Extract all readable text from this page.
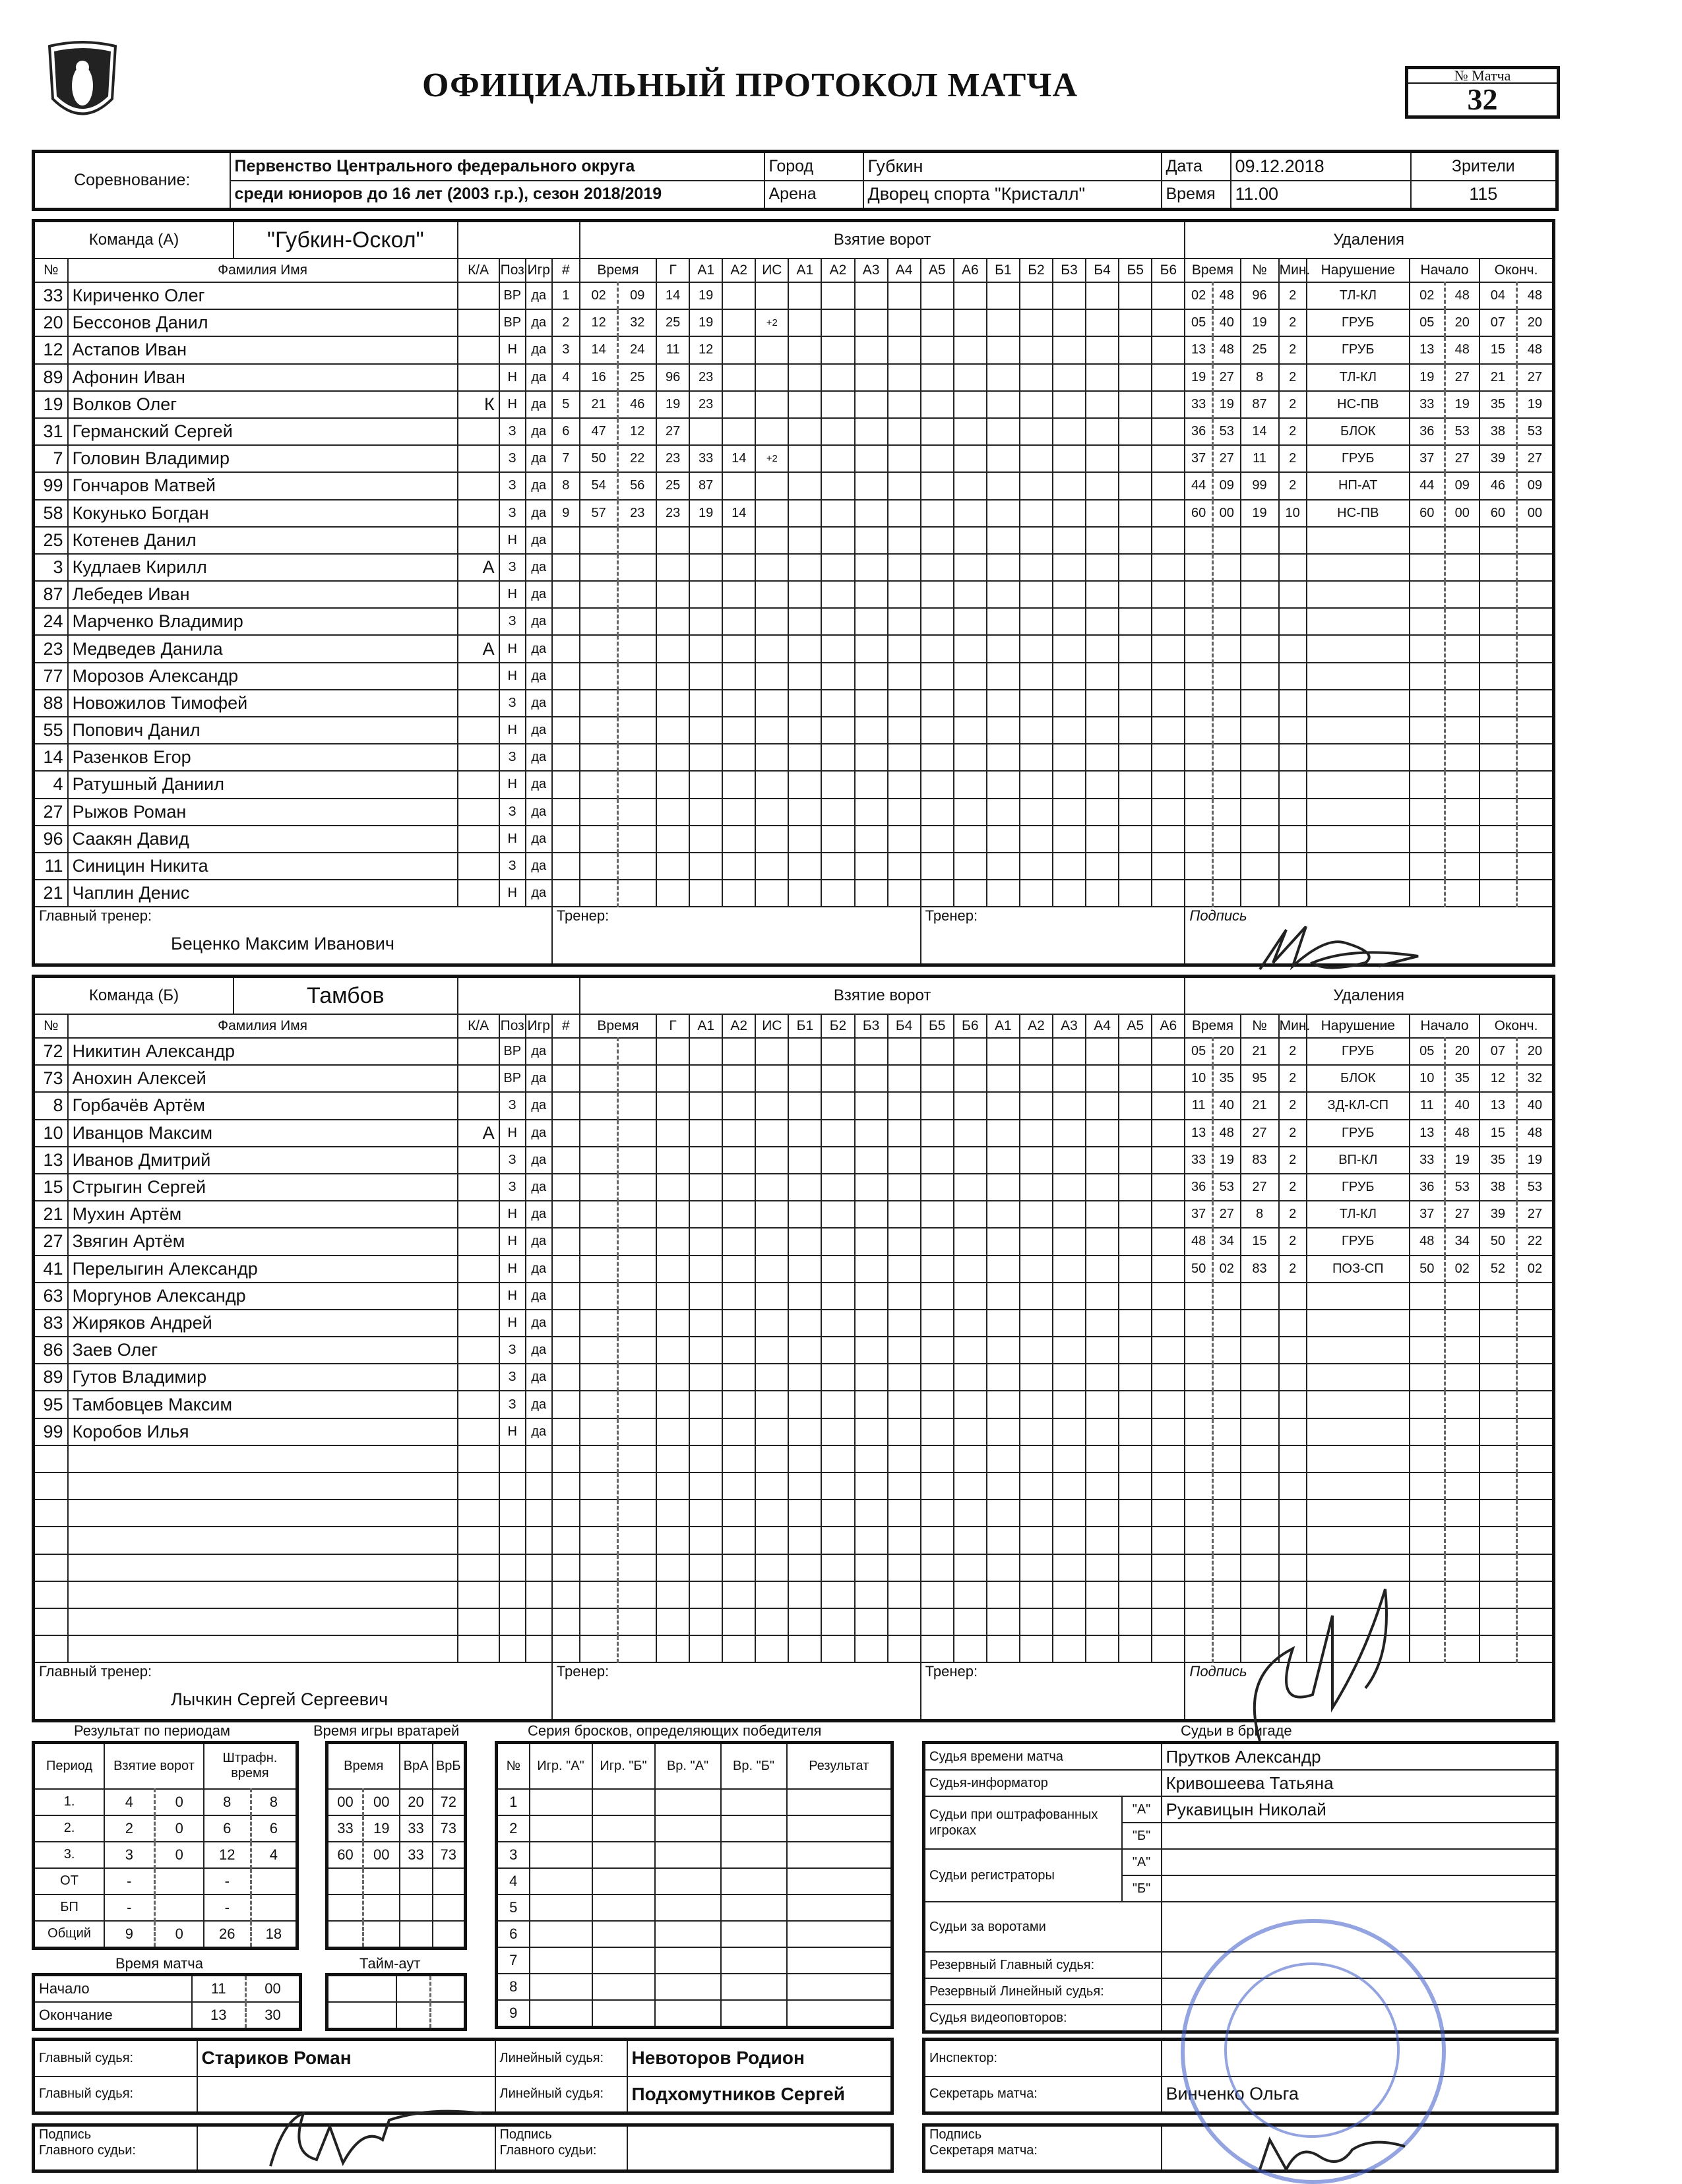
ОФИЦИАЛЬНЫЙ ПРОТОКОЛ МАТЧА	№ Матча
32
Соревнование:	Первенство Центрального федерального округа	Город	Губкин	Дата	09.12.2018	Зрители
	среди юниоров до 16 лет (2003 г.р.), сезон 2018/2019	Арена	Дворец спорта "Кристалл"	Время	11.00	115
Команда (А) "Губкин-Оскол"						Взятие ворот																		Удаления								
№	Фамилия Имя	К/А	Поз	Игр	#	Время		Г	А1	А2	ИС	А1	А2	А3	А4	А5	А6	Б1	Б2	Б3	Б4	Б5	Б6	Время		№	Мин.	Нарушение	Начало		Оконч.	
33	Кириченко Олег		ВР	да	1	02	09	14	19															02	48	96	2	ТЛ-КЛ	02	48	04	48
20	Бессонов Данил		ВР	да	2	12	32	25	19		+2													05	40	19	2	ГРУБ	05	20	07	20
12	Астапов Иван		Н	да	3	14	24	11	12															13	48	25	2	ГРУБ	13	48	15	48
89	Афонин Иван		Н	да	4	16	25	96	23															19	27	8	2	ТЛ-КЛ	19	27	21	27
19	Волков Олег	К	Н	да	5	21	46	19	23															33	19	87	2	НС-ПВ	33	19	35	19
31	Германский Сергей		З	да	6	47	12	27																36	53	14	2	БЛОК	36	53	38	53
7	Головин Владимир		З	да	7	50	22	23	33	14	+2													37	27	11	2	ГРУБ	37	27	39	27
99	Гончаров Матвей		З	да	8	54	56	25	87															44	09	99	2	НП-АТ	44	09	46	09
58	Кокунько Богдан		З	да	9	57	23	23	19	14														60	00	19	10	НС-ПВ	60	00	60	00
25	Котенев Данил		Н	да																												
3	Кудлаев Кирилл	А	З	да																												
87	Лебедев Иван		Н	да																												
24	Марченко Владимир		З	да																												
23	Медведев Данила	А	Н	да																												
77	Морозов Александр		Н	да																												
88	Новожилов Тимофей		З	да																												
55	Попович Данил		Н	да																												
14	Разенков Егор		З	да																												
4	Ратушный Даниил		Н	да																												
27	Рыжов Роман		З	да																												
96	Саакян Давид		Н	да																												
11	Синицин Никита		З	да																												
21	Чаплин Денис		Н	да																												

Главный тренер:
Беценко Максим Иванович					Тренер:											Тренер:								Подпись								
Команда (Б) Тамбов						Взятие ворот																		Удаления								
№	Фамилия Имя	К/А	Поз	Игр	#	Время		Г	А1	А2	ИС	Б1	Б2	Б3	Б4	Б5	Б6	А1	А2	А3	А4	А5	А6	Время		№	Мин.	Нарушение	Начало		Оконч.	
72	Никитин Александр		ВР	да																				05	20	21	2	ГРУБ	05	20	07	20
73	Анохин Алексей		ВР	да																				10	35	95	2	БЛОК	10	35	12	32
8	Горбачёв Артём		З	да																				11	40	21	2	ЗД-КЛ-СП	11	40	13	40
10	Иванцов Максим	А	Н	да																				13	48	27	2	ГРУБ	13	48	15	48
13	Иванов Дмитрий		З	да																				33	19	83	2	ВП-КЛ	33	19	35	19
15	Стрыгин Сергей		З	да																				36	53	27	2	ГРУБ	36	53	38	53
21	Мухин Артём		Н	да																				37	27	8	2	ТЛ-КЛ	37	27	39	27
27	Звягин Артём		Н	да																				48	34	15	2	ГРУБ	48	34	50	22
41	Перелыгин Александр		Н	да																				50	02	83	2	ПОЗ-СП	50	02	52	02
63	Моргунов Александр		Н	да																												
83	Жиряков Андрей		Н	да																												
86	Заев Олег		З	да																												
89	Гутов Владимир		З	да																												
95	Тамбовцев Максим		З	да																												
99	Коробов Илья		Н	да																												

Главный тренер:
Лычкин Сергей Сергеевич					Тренер:											Тренер:								Подпись								
Результат по периодам	Время игры вратарей	Серия бросков, определяющих победителя	Судьи в бригаде
Период	Взятие ворот		Штрафн. время	
1.	4	0	8	8
2.	2	0	6	6
3.	3	0	12	4
ОТ	-		-	
БП	-		-	
Общий	9	0	26	18
Время		ВрА	ВрБ
00	00	20	72
33	19	33	73
60	00	33	73

№	Игр. "А"	Игр. "Б"	Вр. "А"	Вр. "Б"	Результат
1					
2					
3					
4					
5					
6					
7					
8					
9					
Время матча	Тайм-аут
Начало	11	00
Окончание	13	30

Судья времени матча		Прутков Александр
Судья-информатор		Кривошеева Татьяна
Судьи при оштрафованных игроках	"А"	Рукавицын Николай
	"Б"	
Судьи регистраторы	"А"	
	"Б"	
Судьи за воротами		
Резервный Главный судья:		
Резервный Линейный судья:		
Судья видеоповторов:		
Главный судья:	Стариков Роман	Линейный судья:	Невоторов Родион
Главный судья:		Линейный судья:	Подхомутников Сергей
Инспектор:	
Секретарь матча:	Винченко Ольга
Подпись
Главного судьи:		Подпись
Главного судьи:	
Подпись
Секретаря матча:	
